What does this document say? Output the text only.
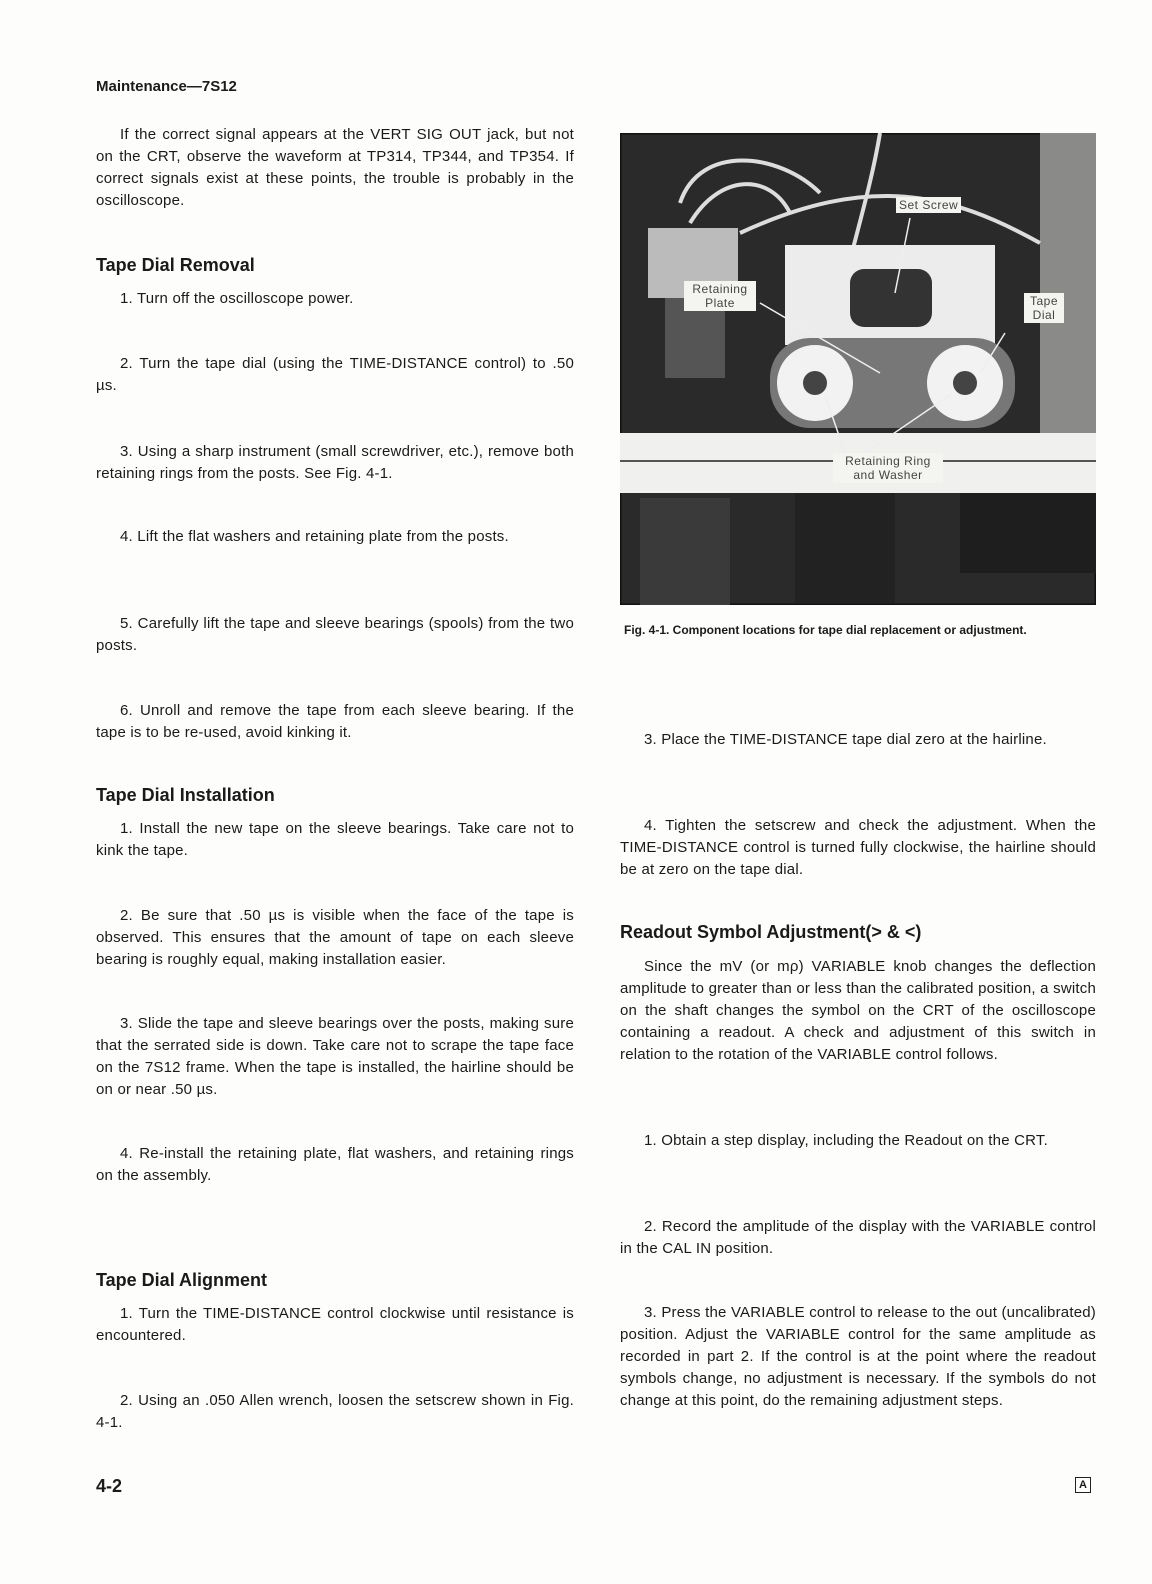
Maintenance—7S12

If the correct signal appears at the VERT SIG OUT jack, but not on the CRT, observe the waveform at TP314, TP344, and TP354. If correct signals exist at these points, the trouble is probably in the oscilloscope.

Tape Dial Removal

1. Turn off the oscilloscope power.

2. Turn the tape dial (using the TIME-DISTANCE control) to .50 µs.

3. Using a sharp instrument (small screwdriver, etc.), remove both retaining rings from the posts. See Fig. 4-1.

4. Lift the flat washers and retaining plate from the posts.

5. Carefully lift the tape and sleeve bearings (spools) from the two posts.

6. Unroll and remove the tape from each sleeve bearing. If the tape is to be re-used, avoid kinking it.

Tape Dial Installation

1. Install the new tape on the sleeve bearings. Take care not to kink the tape.

2. Be sure that .50 µs is visible when the face of the tape is observed. This ensures that the amount of tape on each sleeve bearing is roughly equal, making installation easier.

3. Slide the tape and sleeve bearings over the posts, making sure that the serrated side is down. Take care not to scrape the tape face on the 7S12 frame. When the tape is installed, the hairline should be on or near .50 µs.

4. Re-install the retaining plate, flat washers, and retaining rings on the assembly.

Tape Dial Alignment

1. Turn the TIME-DISTANCE control clockwise until resistance is encountered.

2. Using an .050 Allen wrench, loosen the setscrew shown in Fig. 4-1.

Set Screw
Retaining Plate	Tape Dial
Retaining Ring and Washer
Fig. 4-1. Component locations for tape dial replacement or adjustment.

3. Place the TIME-DISTANCE tape dial zero at the hairline.

4. Tighten the setscrew and check the adjustment. When the TIME-DISTANCE control is turned fully clockwise, the hairline should be at zero on the tape dial.

Readout Symbol Adjustment(> & <)

Since the mV (or mρ) VARIABLE knob changes the deflection amplitude to greater than or less than the calibrated position, a switch on the shaft changes the symbol on the CRT of the oscilloscope containing a readout. A check and adjustment of this switch in relation to the rotation of the VARIABLE control follows.

1. Obtain a step display, including the Readout on the CRT.

2. Record the amplitude of the display with the VARIABLE control in the CAL IN position.

3. Press the VARIABLE control to release to the out (uncalibrated) position. Adjust the VARIABLE control for the same amplitude as recorded in part 2. If the control is at the point where the readout symbols change, no adjustment is necessary. If the symbols do not change at this point, do the remaining adjustment steps.

4-2	A
